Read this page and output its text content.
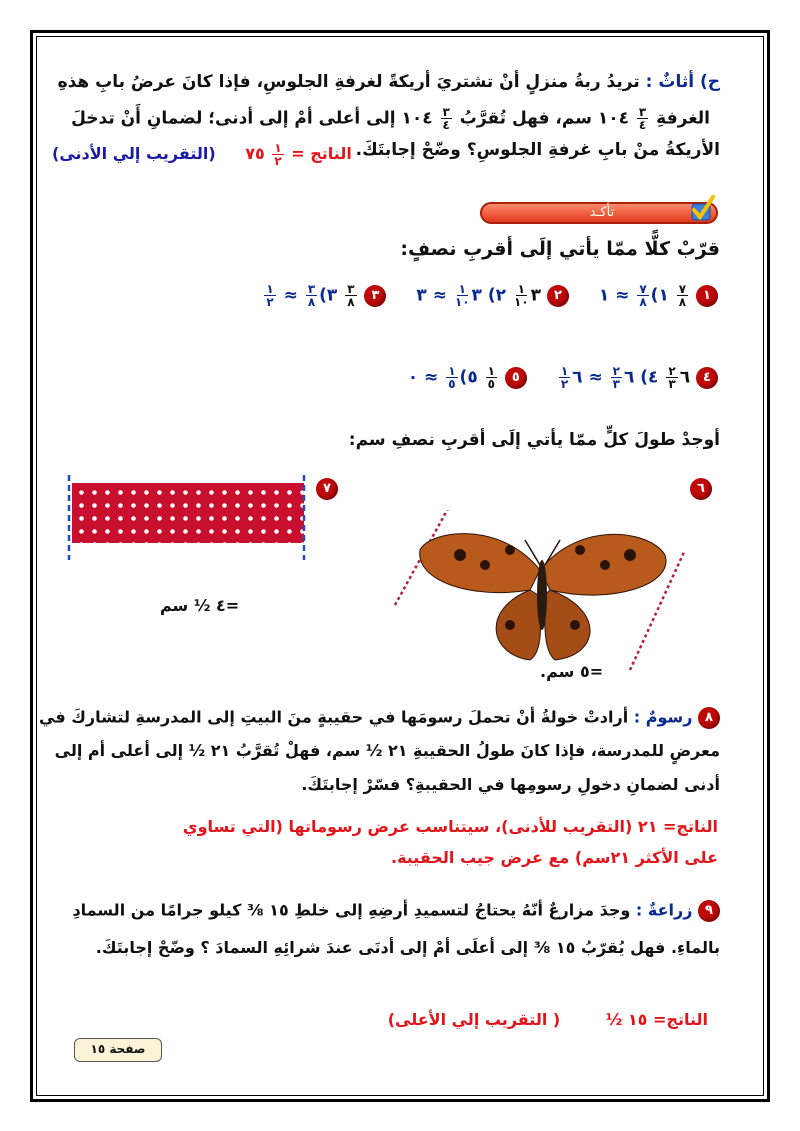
ح) أثاثٌ : تريدُ ربةُ منزلٍ أنْ تشتريَ أريكةً لغرفةِ الجلوسِ، فإذا كانَ عرضُ بابِ هذهِ
الغرفةِ
$\frac{٣}{٤}$
١٠٤ سم، فهل تُقرَّبُ
$\frac{٣}{٤}$
١٠٤ إلى أعلى أمْ إلى أدنى؛ لضمانِ أَنْ تدخلَ
الأريكةُ منْ بابِ غرفةِ الجلوسِ؟ وضّحْ إجابتَكَ.
الناتج =
$\frac{١}{٢}$
٧٥ (التقريب إلي الأدنى)
تأكـد
قرّبْ كلًّا ممّا يأتي إلَى أقربِ نصفٍ:
١
$\frac{٧}{٨}$
١)
$\frac{٧}{٨}$
≈ ١ ٢ ٣
$\frac{١}{١٠}$
٢) ٣
$\frac{١}{١٠}$
≈ ٣ ٣
$\frac{٣}{٨}$
٣)
$\frac{٣}{٨}$
≈
$\frac{١}{٢}$
٤ ٦
$\frac{٢}{٣}$
٤) ٦
$\frac{٢}{٣}$
≈ ٦
$\frac{١}{٢}$
٥
$\frac{١}{٥}$
٥)
$\frac{١}{٥}$
≈ ٠
أوجدْ طولَ كلٍّ ممّا يأتي إلَى أقربِ نصفِ سم:
٧	٦
=٤ ½ سم
=٥ سم.
٨ رسومٌ : أرادتْ خولةُ أنْ تحملَ رسومَها في حقيبةٍ منَ البيتِ إلى المدرسةِ لتشاركَ في
معرضٍ للمدرسة، فإذا كانَ طولُ الحقيبةِ ٢١ ½ سم، فهلْ تُقرَّبُ ٢١ ½ إلى أعلى أم إلى
أدنى لضمانِ دخولِ رسومِها في الحقيبةِ؟ فسّرْ إجابتَكَ.
الناتج= ٢١ (التقريب للأدنى)، سيتناسب عرض رسوماتها (التي تساوي
على الأكثر ٢١سم) مع عرض جيب الحقيبة.
٩ زراعةٌ : وجدَ مزارعٌ أنّهُ يحتاجُ لتسميدِ أرضِهِ إلى خلطِ ١٥ ⅜ كيلو جرامًا من السمادِ
بالماءِ. فهل يُقرّبُ ١٥ ⅜ إلى أعلَى أمْ إلى أدنَى عندَ شرائِهِ السمادَ ؟ وضّحْ إجابتَكَ.
الناتج= ١٥ ½ ( التقريب إلي الأعلى)
صفحة ١٥
